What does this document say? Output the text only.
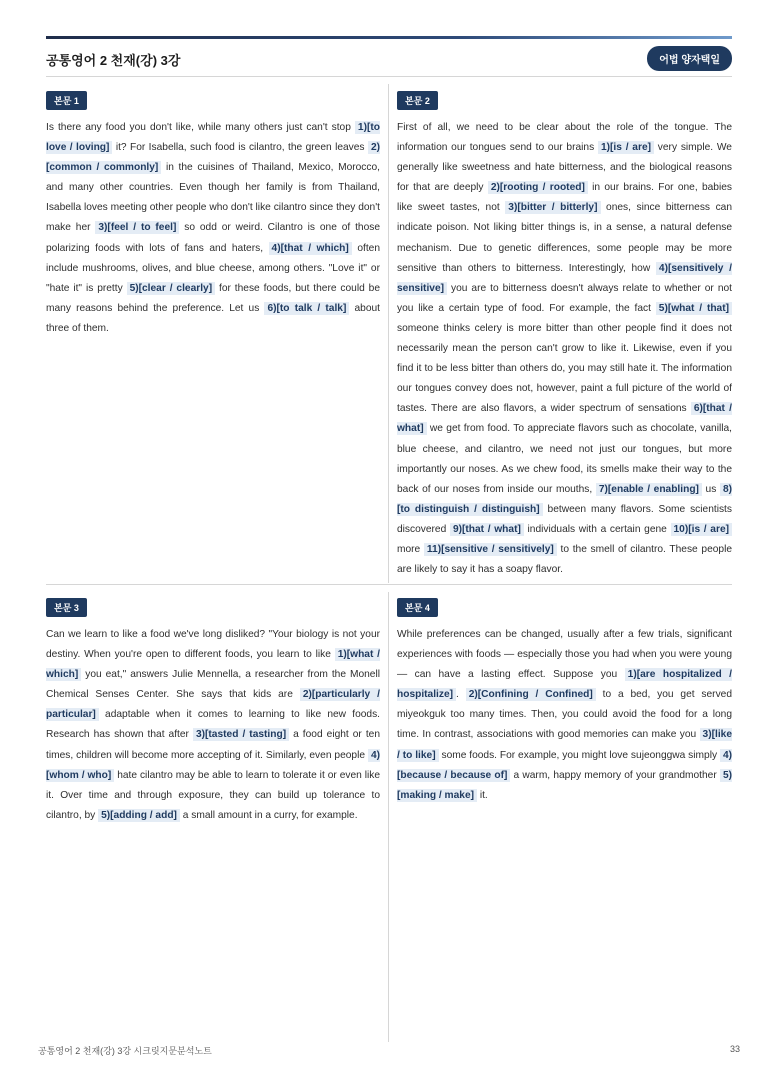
공통영어 2 천재(강) 3강	어법 양자택일
본문 1
Is there any food you don't like, while many others just can't stop 1)[to love / loving] it? For Isabella, such food is cilantro, the green leaves 2)[common / commonly] in the cuisines of Thailand, Mexico, Morocco, and many other countries. Even though her family is from Thailand, Isabella loves meeting other people who don't like cilantro since they don't make her 3)[feel / to feel] so odd or weird. Cilantro is one of those polarizing foods with lots of fans and haters, 4)[that / which] often include mushrooms, olives, and blue cheese, among others. "Love it" or "hate it" is pretty 5)[clear / clearly] for these foods, but there could be many reasons behind the preference. Let us 6)[to talk / talk] about three of them.
본문 2
First of all, we need to be clear about the role of the tongue. The information our tongues send to our brains 1)[is / are] very simple. We generally like sweetness and hate bitterness, and the biological reasons for that are deeply 2)[rooting / rooted] in our brains. For one, babies like sweet tastes, not 3)[bitter / bitterly] ones, since bitterness can indicate poison. Not liking bitter things is, in a sense, a natural defense mechanism. Due to genetic differences, some people may be more sensitive than others to bitterness. Interestingly, how 4)[sensitively / sensitive] you are to bitterness doesn't always relate to whether or not you like a certain type of food. For example, the fact 5)[what / that] someone thinks celery is more bitter than other people find it does not necessarily mean the person can't grow to like it. Likewise, even if you find it to be less bitter than others do, you may still hate it. The information our tongues convey does not, however, paint a full picture of the world of tastes. There are also flavors, a wider spectrum of sensations 6)[that / what] we get from food. To appreciate flavors such as chocolate, vanilla, blue cheese, and cilantro, we need not just our tongues, but more importantly our noses. As we chew food, its smells make their way to the back of our noses from inside our mouths, 7)[enable / enabling] us 8)[to distinguish / distinguish] between many flavors. Some scientists discovered 9)[that / what] individuals with a certain gene 10)[is / are] more 11)[sensitive / sensitively] to the smell of cilantro. These people are likely to say it has a soapy flavor.
본문 3
Can we learn to like a food we've long disliked? "Your biology is not your destiny. When you're open to different foods, you learn to like 1)[what / which] you eat," answers Julie Mennella, a researcher from the Monell Chemical Senses Center. She says that kids are 2)[particularly / particular] adaptable when it comes to learning to like new foods. Research has shown that after 3)[tasted / tasting] a food eight or ten times, children will become more accepting of it. Similarly, even people 4)[whom / who] hate cilantro may be able to learn to tolerate it or even like it. Over time and through exposure, they can build up tolerance to cilantro, by 5)[adding / add] a small amount in a curry, for example.
본문 4
While preferences can be changed, usually after a few trials, significant experiences with foods — especially those you had when you were young — can have a lasting effect. Suppose you 1)[are hospitalized / hospitalize] . 2)[Confining / Confined] to a bed, you get served miyeokguk too many times. Then, you could avoid the food for a long time. In contrast, associations with good memories can make you 3)[like / to like] some foods. For example, you might love sujeonggwa simply 4)[because / because of] a warm, happy memory of your grandmother 5)[making / make] it.
공통영어 2 천재(강) 3강 시크릿지문분석노트	33
